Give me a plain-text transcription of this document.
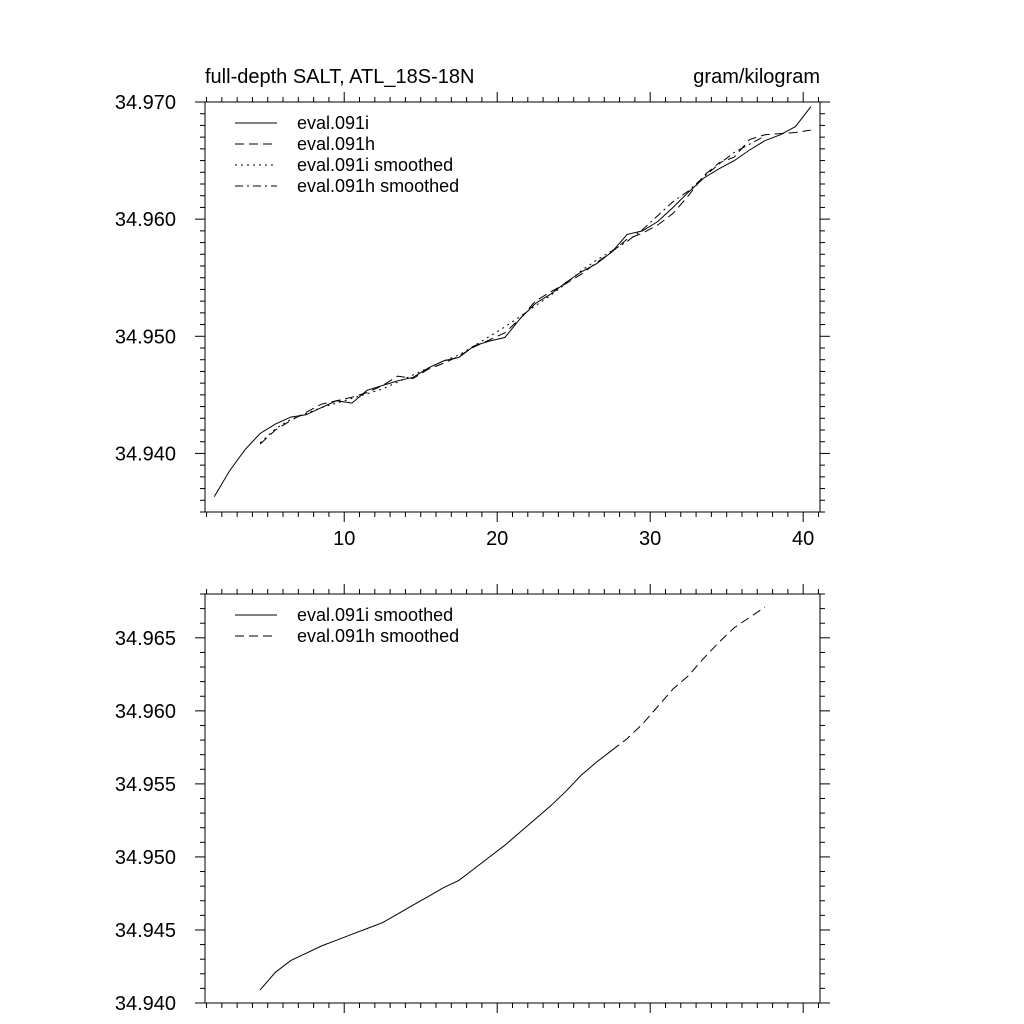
full-depth SALT, ATL_18S-18N	gram/kilogram
10	20	30	40
34.940
34.950
34.960
34.970
eval.091i
eval.091h
eval.091i smoothed
eval.091h smoothed
34.940
34.945
34.950
34.955
34.960
34.965
eval.091i smoothed
eval.091h smoothed
